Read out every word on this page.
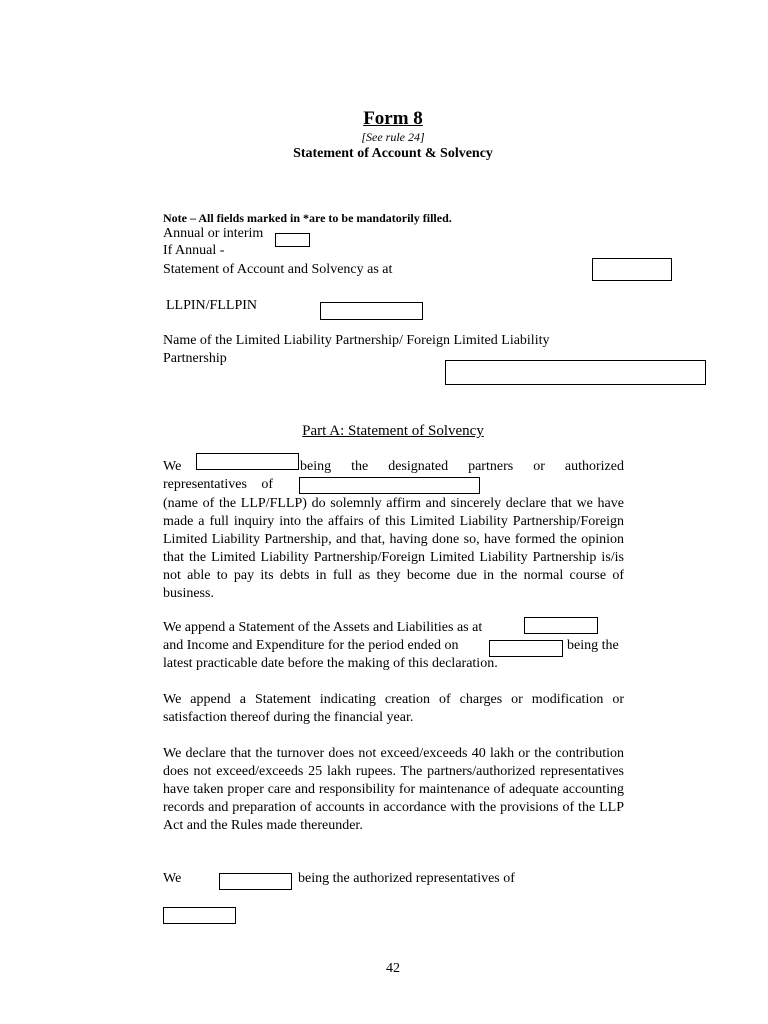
Form 8
[See rule 24]
Statement of Account & Solvency
Note – All fields marked in *are to be mandatorily filled.
Annual or interim
If Annual -
Statement of Account and Solvency as at
LLPIN/FLLPIN
Name of the Limited Liability Partnership/ Foreign Limited Liability
Partnership
Part A: Statement of Solvency
We	being the designated partners or authorized
representatives of
(name of the LLP/FLLP) do solemnly affirm and sincerely declare that we have made a full inquiry into the affairs of this Limited Liability Partnership/Foreign Limited Liability Partnership, and that, having done so, have formed the opinion that the Limited Liability Partnership/Foreign Limited Liability Partnership is/is not able to pay its debts in full as they become due in the normal course of business.
We append a Statement of the Assets and Liabilities as at
and Income and Expenditure for the period ended on	being the
latest practicable date before the making of this declaration.
We append a Statement indicating creation of charges or modification or satisfaction thereof during the financial year.
We declare that the turnover does not exceed/exceeds 40 lakh or the contribution does not exceed/exceeds 25 lakh rupees. The partners/authorized representatives have taken proper care and responsibility for maintenance of adequate accounting records and preparation of accounts in accordance with the provisions of the LLP Act and the Rules made thereunder.
We	being the authorized representatives of
42
